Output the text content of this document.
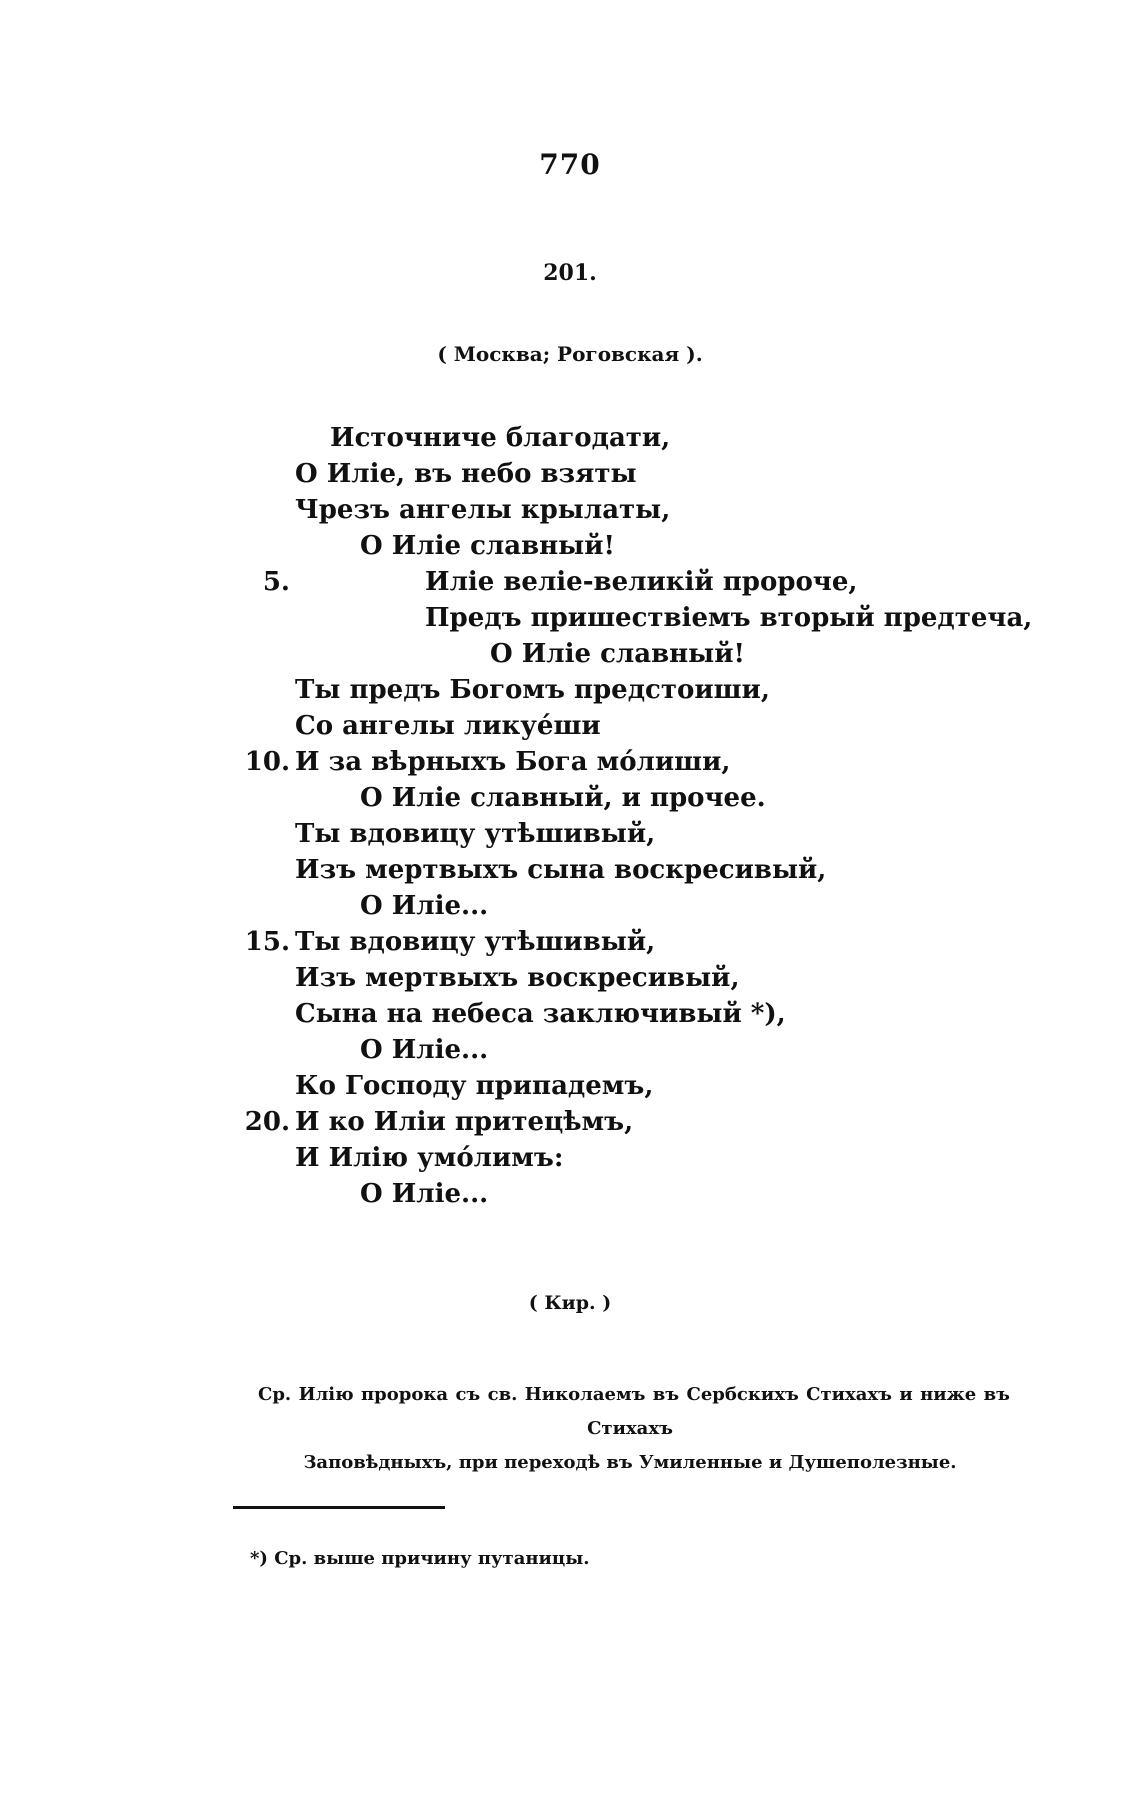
770
201.
( Москва; Роговская ).
Источниче благодати,
О Иліе, въ небо взяты
Чрезъ ангелы крылаты,
О Иліе славный!
5.	Иліе веліе-великій пророче,
Предъ пришествіемъ вторый предтеча,
О Иліе славный!
Ты предъ Богомъ предстоиши,
Со ангелы ликуéши
10. И за вѣрныхъ Бога мóлиши,
О Иліе славный, и прочее.
Ты вдовицу утѣшивый,
Изъ мертвыхъ сына воскресивый,
О Иліе...
15. Ты вдовицу утѣшивый,
Изъ мертвыхъ воскресивый,
Сына на небеса заключивый *),
О Иліе...
Ко Господу припадемъ,
20. И ко Иліи притецѣмъ,
И Илію умóлимъ:
О Иліе...
( Кир. )
Ср. Илію пророка съ св. Николаемъ въ Сербскихъ Стихахъ и ниже въ Стихахъ
Заповѣдныхъ, при переходѣ въ Умиленные и Душеполезные.
*) Ср. выше причину путаницы.
